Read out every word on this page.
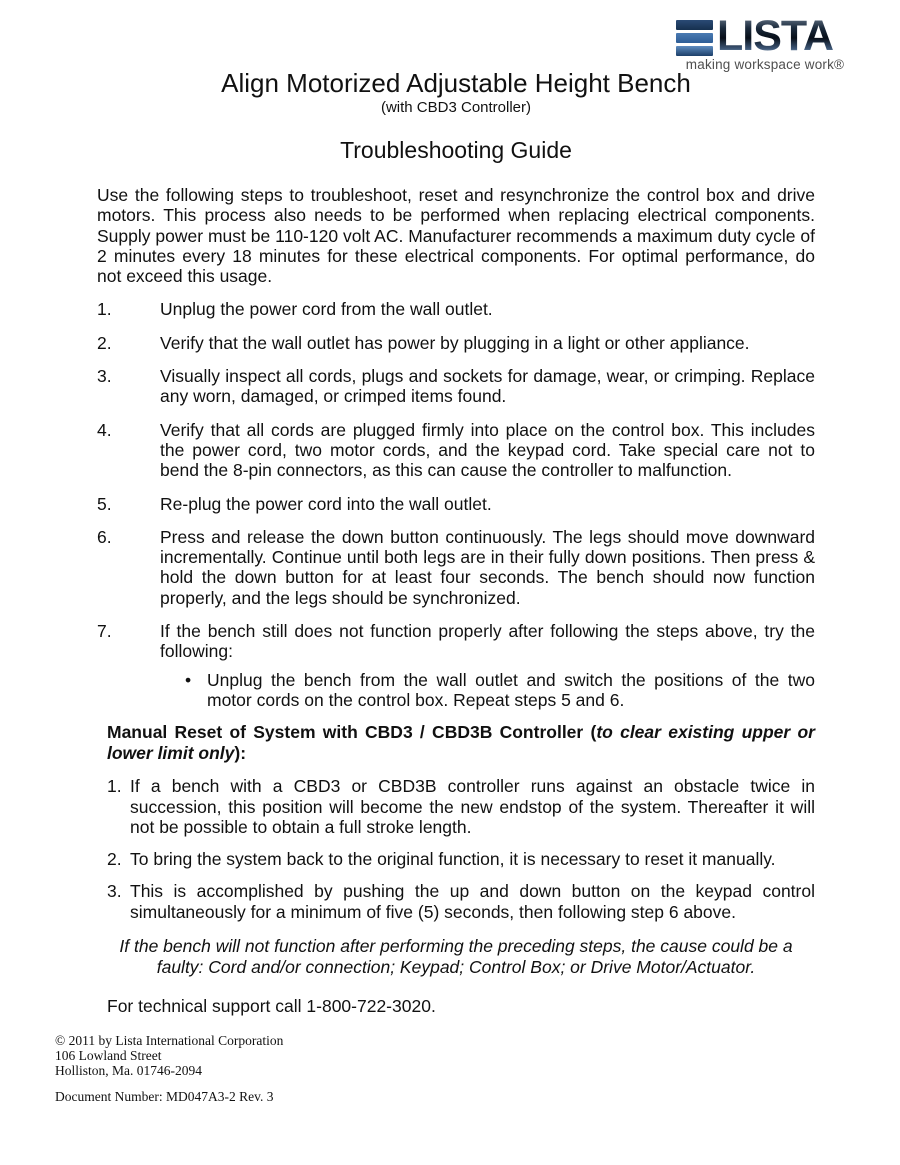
LISTA
making workspace work®
Align Motorized Adjustable Height Bench
(with CBD3 Controller)
Troubleshooting Guide

Use the following steps to troubleshoot, reset and resynchronize the control box and drive motors. This process also needs to be performed when replacing electrical components. Supply power must be 110-120 volt AC. Manufacturer recommends a maximum duty cycle of 2 minutes every 18 minutes for these electrical components. For optimal performance, do not exceed this usage.

1.	Unplug the power cord from the wall outlet.
2.	Verify that the wall outlet has power by plugging in a light or other appliance.
3.	Visually inspect all cords, plugs and sockets for damage, wear, or crimping. Replace any worn, damaged, or crimped items found.
4.	Verify that all cords are plugged firmly into place on the control box. This includes the power cord, two motor cords, and the keypad cord. Take special care not to bend the 8-pin connectors, as this can cause the controller to malfunction.
5.	Re-plug the power cord into the wall outlet.
6.	Press and release the down button continuously. The legs should move downward incrementally. Continue until both legs are in their fully down positions. Then press & hold the down button for at least four seconds. The bench should now function properly, and the legs should be synchronized.
7.	If the bench still does not function properly after following the steps above, try the following:
• Unplug the bench from the wall outlet and switch the positions of the two motor cords on the control box. Repeat steps 5 and 6.

Manual Reset of System with CBD3 / CBD3B Controller (to clear existing upper or lower limit only):

1. If a bench with a CBD3 or CBD3B controller runs against an obstacle twice in succession, this position will become the new endstop of the system. Thereafter it will not be possible to obtain a full stroke length.
2. To bring the system back to the original function, it is necessary to reset it manually.
3. This is accomplished by pushing the up and down button on the keypad control simultaneously for a minimum of five (5) seconds, then following step 6 above.

If the bench will not function after performing the preceding steps, the cause could be a faulty: Cord and/or connection; Keypad; Control Box; or Drive Motor/Actuator.

For technical support call 1-800-722-3020.

© 2011 by Lista International Corporation
106 Lowland Street
Holliston, Ma. 01746-2094
Document Number: MD047A3-2 Rev. 3
